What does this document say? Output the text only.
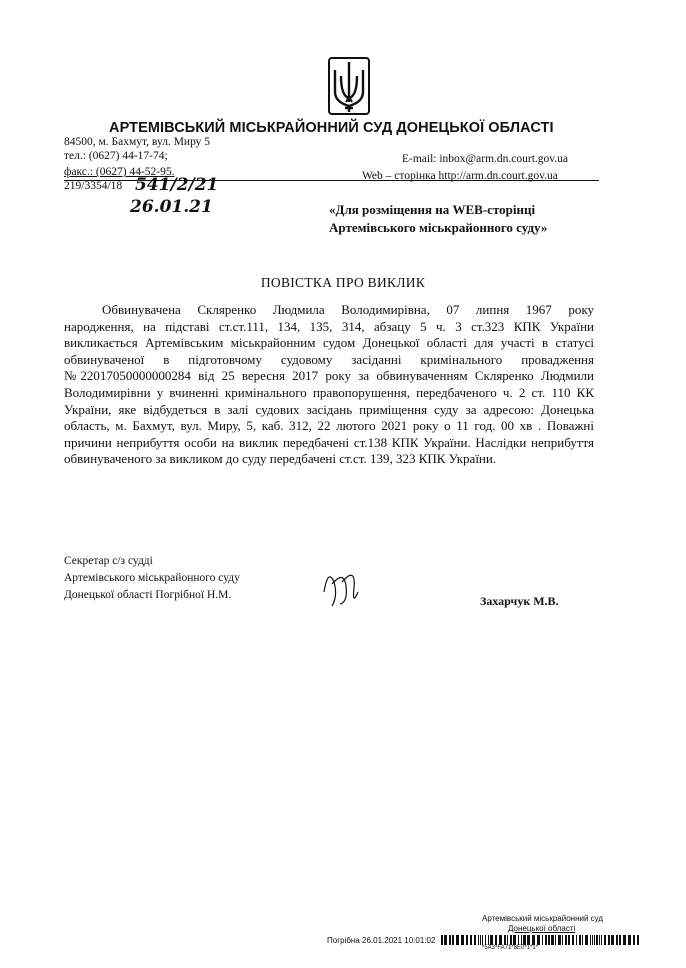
АРТЕМІВСЬКИЙ МІСЬКРАЙОННИЙ СУД ДОНЕЦЬКОЇ ОБЛАСТІ
84500, м. Бахмут, вул. Миру 5
тел.: (0627) 44-17-74;
факс.: (0627) 44-52-95.
E-mail: inbox@arm.dn.court.gov.ua
Web – сторінка http://arm.dn.court.gov.ua
219/3354/18 541/2/21
26.01.21	«Для розміщення на WEB-сторінці
Артемівського міськрайонного суду»
ПОВІСТКА ПРО ВИКЛИК
Обвинувачена Скляренко Людмила Володимирівна, 07 липня 1967 року
народження, на підставі ст.ст.111, 134, 135, 314, абзацу 5 ч. 3 ст.323 КПК України
викликається Артемівським міськрайонним судом Донецької області для участі в статусі
обвинуваченої в підготовчому судовому засіданні кримінального провадження
№22017050000000284 від 25 вересня 2017 року за обвинуваченням Скляренко Людмили
Володимирівни у вчиненні кримінального правопорушення, передбаченого ч. 2 ст. 110 КК
України, яке відбудеться в залі судових засідань приміщення суду за адресою: Донецька
область, м. Бахмут, вул. Миру, 5, каб. 312, 22 лютого 2021 року о 11 год. 00 хв . Поважні
причини неприбуття особи на виклик передбачені ст.138 КПК України. Наслідки неприбуття
обвинуваченого за викликом до суду передбачені ст.ст. 139, 323 КПК України.
Секретар с/з судді
Артемівського міськрайонного суду
Донецької області Погрібної Н.М.	Захарчук М.В.
Артемівський міськрайонний суд
Донецької області
Погрібна 26.01.2021 10:01:02
*5A3*FA71*8E0*1*1*
